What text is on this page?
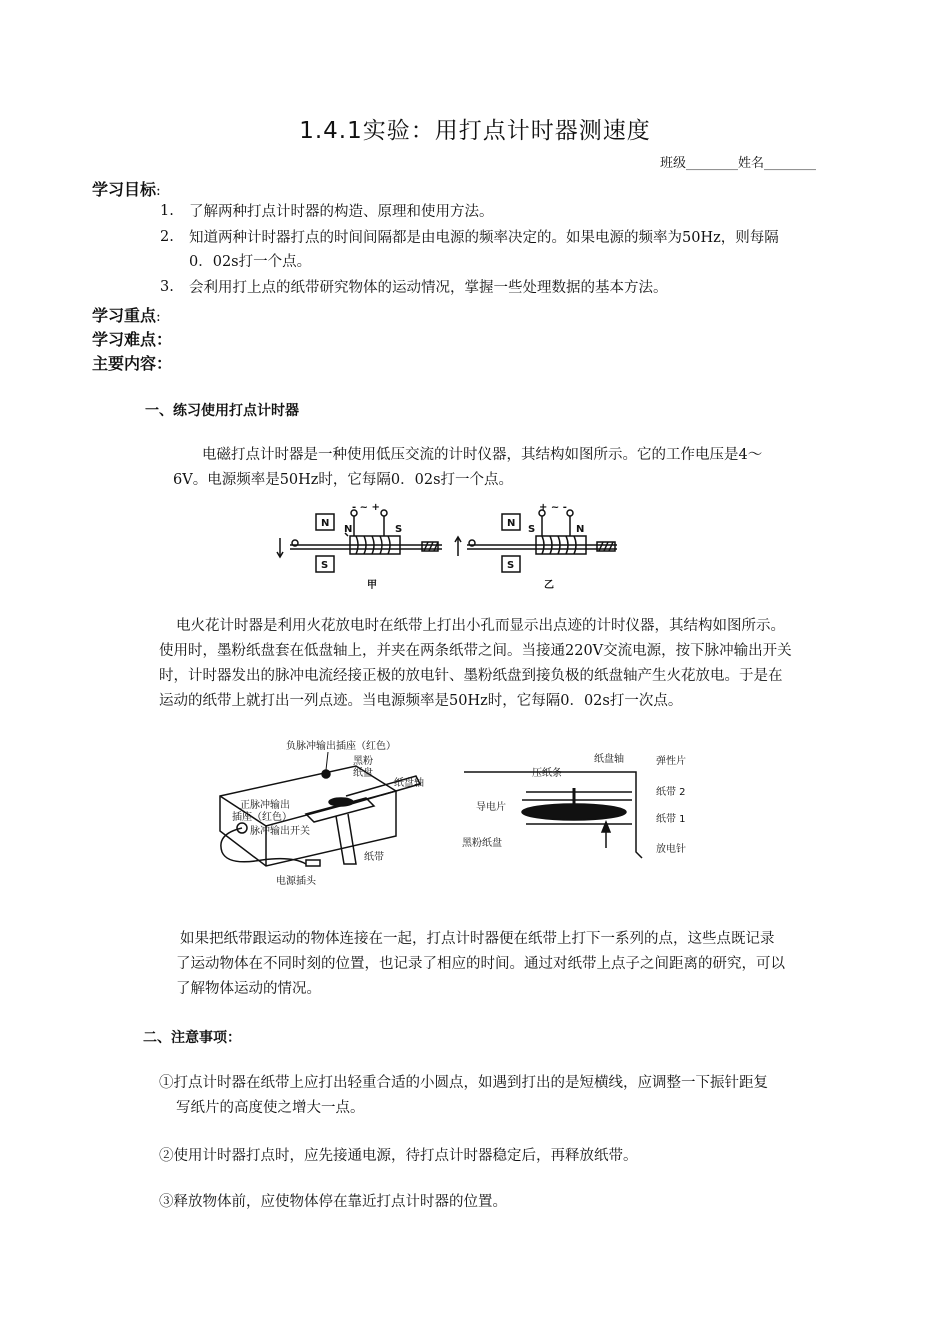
1.4.1实验：用打点计时器测速度
班级________姓名________
学习目标:
1. 了解两种打点计时器的构造、原理和使用方法。
2. 知道两种计时器打点的时间间隔都是由电源的频率决定的。如果电源的频率为50Hz，则每隔
0．02s打一个点。
3. 会利用打上点的纸带研究物体的运动情况，掌握一些处理数据的基本方法。
学习重点:
学习难点：
主要内容：
一、练习使用打点计时器
电磁打点计时器是一种使用低压交流的计时仪器，其结构如图所示。它的工作电压是4～
6V。电源频率是50Hz时，它每隔0．02s打一个点。
N
S
N	S
- ~ +
甲
N
S
S	N
+ ~ -
乙
电火花计时器是利用火花放电时在纸带上打出小孔而显示出点迹的计时仪器，其结构如图所示。
使用时，墨粉纸盘套在低盘轴上，并夹在两条纸带之间。当接通220V交流电源，按下脉冲输出开关
时，计时器发出的脉冲电流经接正极的放电针、墨粉纸盘到接负极的纸盘轴产生火花放电。于是在
运动的纸带上就打出一列点迹。当电源频率是50Hz时，它每隔0．02s打一次点。
负脉冲输出插座（红色）
黑粉
纸盘
纸盘轴
正脉冲输出
插座（红色）
脉冲输出开关
纸带
电源插头
纸盘轴	弹性片
压纸条
纸带 2
导电片
纸带 1
黑粉纸盘
放电针
如果把纸带跟运动的物体连接在一起，打点计时器便在纸带上打下一系列的点，这些点既记录
了运动物体在不同时刻的位置，也记录了相应的时间。通过对纸带上点子之间距离的研究，可以
了解物体运动的情况。
二、注意事项：
①打点计时器在纸带上应打出轻重合适的小圆点，如遇到打出的是短横线，应调整一下振针距复
写纸片的高度使之增大一点。
②使用计时器打点时，应先接通电源，待打点计时器稳定后，再释放纸带。
③释放物体前，应使物体停在靠近打点计时器的位置。
